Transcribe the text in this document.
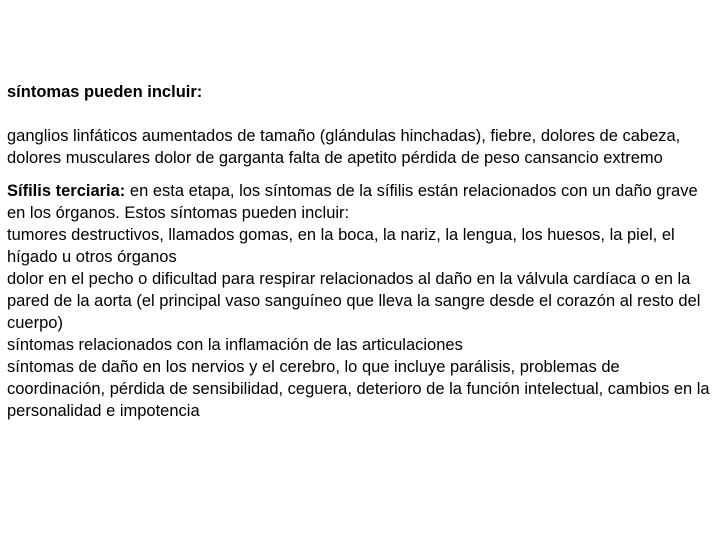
síntomas pueden incluir:

ganglios linfáticos aumentados de tamaño (glándulas hinchadas), fiebre, dolores de cabeza, dolores musculares dolor de garganta falta de apetito pérdida de peso cansancio extremo

Sífilis terciaria: en esta etapa, los síntomas de la sífilis están relacionados con un daño grave en los órganos. Estos síntomas pueden incluir:

tumores destructivos, llamados gomas, en la boca, la nariz, la lengua, los huesos, la piel, el hígado u otros órganos

dolor en el pecho o dificultad para respirar relacionados al daño en la válvula cardíaca o en la pared de la aorta (el principal vaso sanguíneo que lleva la sangre desde el corazón al resto del cuerpo)

síntomas relacionados con la inflamación de las articulaciones

síntomas de daño en los nervios y el cerebro, lo que incluye parálisis, problemas de coordinación, pérdida de sensibilidad, ceguera, deterioro de la función intelectual, cambios en la personalidad e impotencia
